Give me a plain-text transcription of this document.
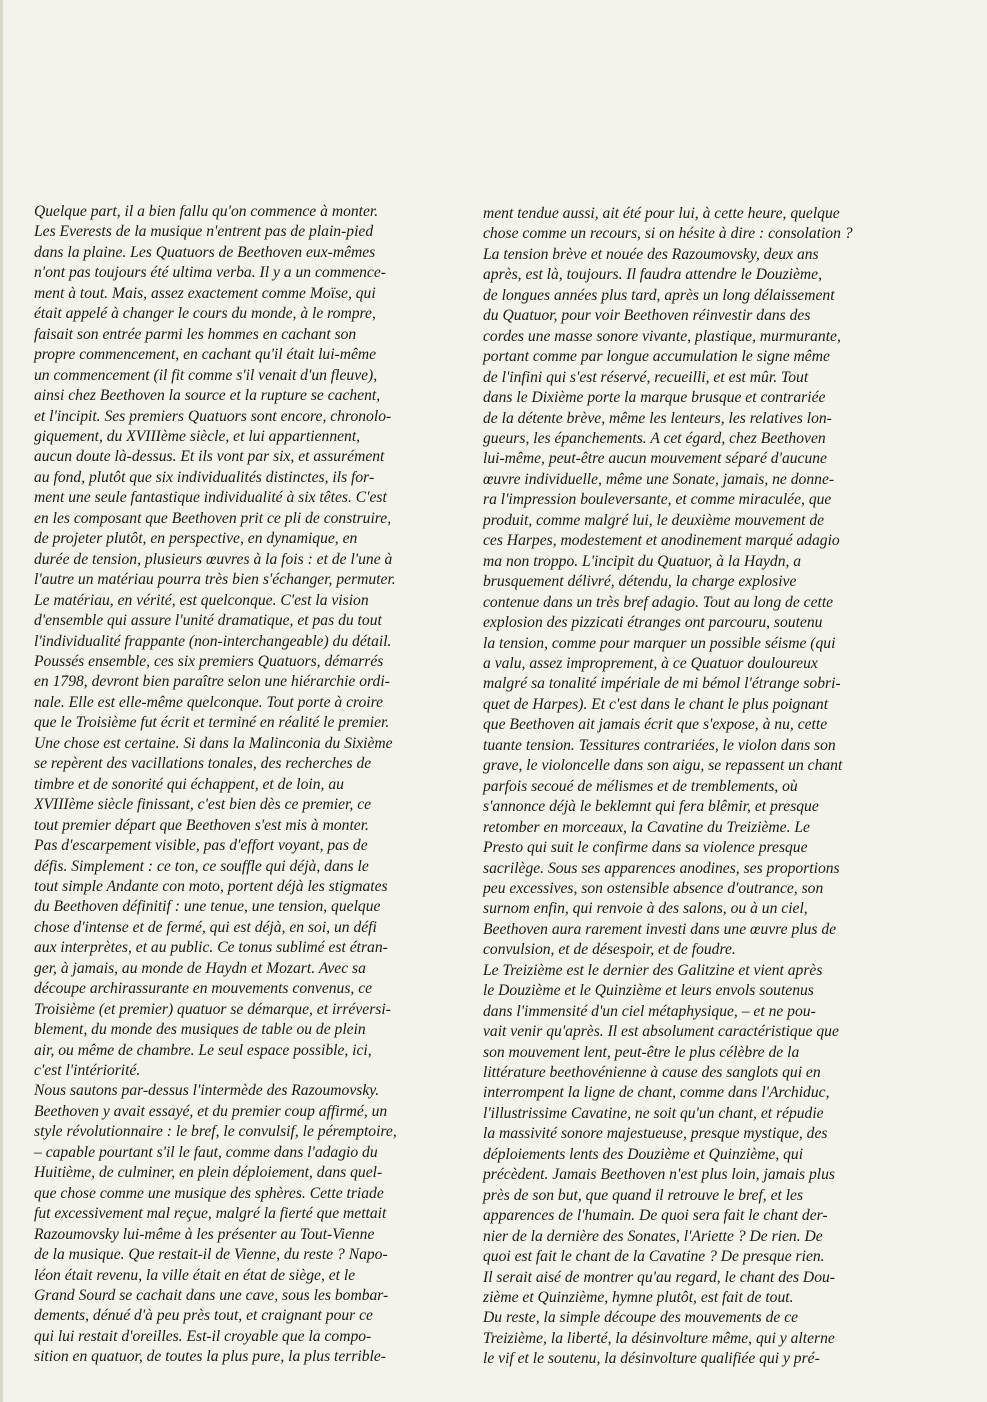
Quelque part, il a bien fallu qu'on commence à monter.
Les Everests de la musique n'entrent pas de plain-pied
dans la plaine. Les Quatuors de Beethoven eux-mêmes
n'ont pas toujours été ultima verba. Il y a un commence-
ment à tout. Mais, assez exactement comme Moïse, qui
était appelé à changer le cours du monde, à le rompre,
faisait son entrée parmi les hommes en cachant son
propre commencement, en cachant qu'il était lui-même
un commencement (il fit comme s'il venait d'un fleuve),
ainsi chez Beethoven la source et la rupture se cachent,
et l'incipit. Ses premiers Quatuors sont encore, chronolo-
giquement, du XVIIIème siècle, et lui appartiennent,
aucun doute là-dessus. Et ils vont par six, et assurément
au fond, plutôt que six individualités distinctes, ils for-
ment une seule fantastique individualité à six têtes. C'est
en les composant que Beethoven prit ce pli de construire,
de projeter plutôt, en perspective, en dynamique, en
durée de tension, plusieurs œuvres à la fois : et de l'une à
l'autre un matériau pourra très bien s'échanger, permuter.
Le matériau, en vérité, est quelconque. C'est la vision
d'ensemble qui assure l'unité dramatique, et pas du tout
l'individualité frappante (non-interchangeable) du détail.
Poussés ensemble, ces six premiers Quatuors, démarrés
en 1798, devront bien paraître selon une hiérarchie ordi-
nale. Elle est elle-même quelconque. Tout porte à croire
que le Troisième fut écrit et terminé en réalité le premier.
Une chose est certaine. Si dans la Malinconia du Sixième
se repèrent des vacillations tonales, des recherches de
timbre et de sonorité qui échappent, et de loin, au
XVIIIème siècle finissant, c'est bien dès ce premier, ce
tout premier départ que Beethoven s'est mis à monter.
Pas d'escarpement visible, pas d'effort voyant, pas de
défis. Simplement : ce ton, ce souffle qui déjà, dans le
tout simple Andante con moto, portent déjà les stigmates
du Beethoven définitif : une tenue, une tension, quelque
chose d'intense et de fermé, qui est déjà, en soi, un défi
aux interprètes, et au public. Ce tonus sublimé est étran-
ger, à jamais, au monde de Haydn et Mozart. Avec sa
découpe archirassurante en mouvements convenus, ce
Troisième (et premier) quatuor se démarque, et irréversi-
blement, du monde des musiques de table ou de plein
air, ou même de chambre. Le seul espace possible, ici,
c'est l'intériorité.

Nous sautons par-dessus l'intermède des Razoumovsky.
Beethoven y avait essayé, et du premier coup affirmé, un
style révolutionnaire : le bref, le convulsif, le péremptoire,
– capable pourtant s'il le faut, comme dans l'adagio du
Huitième, de culminer, en plein déploiement, dans quel-
que chose comme une musique des sphères. Cette triade
fut excessivement mal reçue, malgré la fierté que mettait
Razoumovsky lui-même à les présenter au Tout-Vienne
de la musique. Que restait-il de Vienne, du reste ? Napo-
léon était revenu, la ville était en état de siège, et le
Grand Sourd se cachait dans une cave, sous les bombar-
dements, dénué d'à peu près tout, et craignant pour ce
qui lui restait d'oreilles. Est-il croyable que la compo-
sition en quatuor, de toutes la plus pure, la plus terrible-

ment tendue aussi, ait été pour lui, à cette heure, quelque
chose comme un recours, si on hésite à dire : consolation ?
La tension brève et nouée des Razoumovsky, deux ans
après, est là, toujours. Il faudra attendre le Douzième,
de longues années plus tard, après un long délaissement
du Quatuor, pour voir Beethoven réinvestir dans des
cordes une masse sonore vivante, plastique, murmurante,
portant comme par longue accumulation le signe même
de l'infini qui s'est réservé, recueilli, et est mûr. Tout
dans le Dixième porte la marque brusque et contrariée
de la détente brève, même les lenteurs, les relatives lon-
gueurs, les épanchements. A cet égard, chez Beethoven
lui-même, peut-être aucun mouvement séparé d'aucune
œuvre individuelle, même une Sonate, jamais, ne donne-
ra l'impression bouleversante, et comme miraculée, que
produit, comme malgré lui, le deuxième mouvement de
ces Harpes, modestement et anodinement marqué adagio
ma non troppo. L'incipit du Quatuor, à la Haydn, a
brusquement délivré, détendu, la charge explosive
contenue dans un très bref adagio. Tout au long de cette
explosion des pizzicati étranges ont parcouru, soutenu
la tension, comme pour marquer un possible séisme (qui
a valu, assez improprement, à ce Quatuor douloureux
malgré sa tonalité impériale de mi bémol l'étrange sobri-
quet de Harpes). Et c'est dans le chant le plus poignant
que Beethoven ait jamais écrit que s'expose, à nu, cette
tuante tension. Tessitures contrariées, le violon dans son
grave, le violoncelle dans son aigu, se repassent un chant
parfois secoué de mélismes et de tremblements, où
s'annonce déjà le beklemnt qui fera blêmir, et presque
retomber en morceaux, la Cavatine du Treizième. Le
Presto qui suit le confirme dans sa violence presque
sacrilège. Sous ses apparences anodines, ses proportions
peu excessives, son ostensible absence d'outrance, son
surnom enfin, qui renvoie à des salons, ou à un ciel,
Beethoven aura rarement investi dans une œuvre plus de
convulsion, et de désespoir, et de foudre.

Le Treizième est le dernier des Galitzine et vient après
le Douzième et le Quinzième et leurs envols soutenus
dans l'immensité d'un ciel métaphysique, – et ne pou-
vait venir qu'après. Il est absolument caractéristique que
son mouvement lent, peut-être le plus célèbre de la
littérature beethovénienne à cause des sanglots qui en
interrompent la ligne de chant, comme dans l'Archiduc,
l'illustrissime Cavatine, ne soit qu'un chant, et répudie
la massivité sonore majestueuse, presque mystique, des
déploiements lents des Douzième et Quinzième, qui
précèdent. Jamais Beethoven n'est plus loin, jamais plus
près de son but, que quand il retrouve le bref, et les
apparences de l'humain. De quoi sera fait le chant der-
nier de la dernière des Sonates, l'Ariette ? De rien. De
quoi est fait le chant de la Cavatine ? De presque rien.
Il serait aisé de montrer qu'au regard, le chant des Dou-
zième et Quinzième, hymne plutôt, est fait de tout.
Du reste, la simple découpe des mouvements de ce
Treizième, la liberté, la désinvolture même, qui y alterne
le vif et le soutenu, la désinvolture qualifiée qui y pré-
